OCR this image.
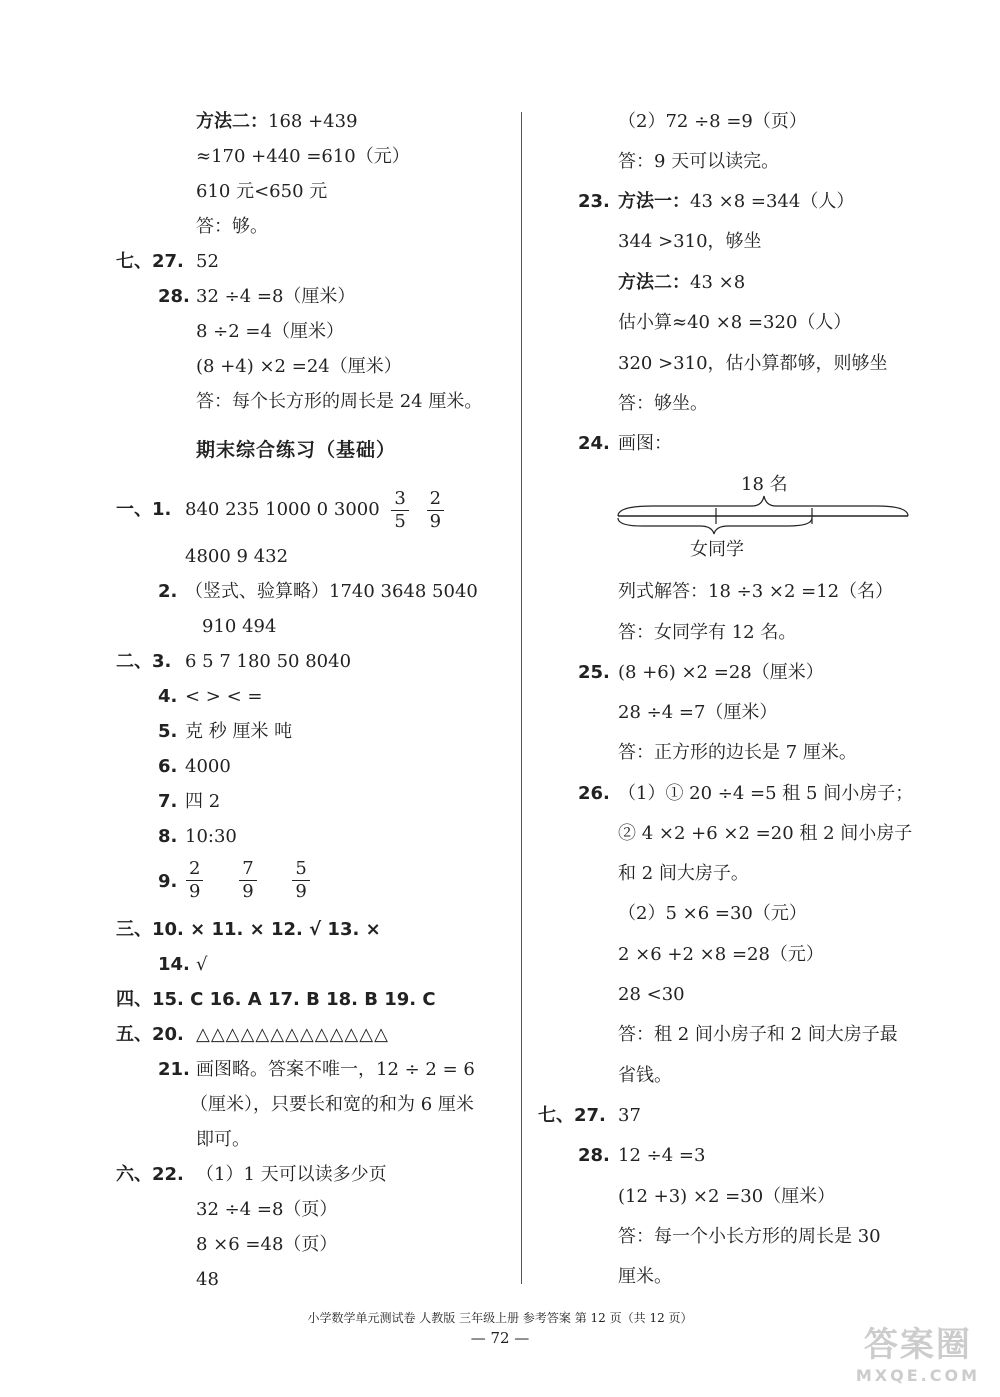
方法二：168 +439
≈170 +440 =610（元）
610 元<650 元
答：够。
七、27. 52
28. 32 ÷4 =8（厘米）
8 ÷2 =4（厘米）
(8 +4) ×2 =24（厘米）
答：每个长方形的周长是 24 厘米。
期末综合练习（基础）
一、1. 840 235 1000 0 $3000 \frac{3}{5}$
$\frac{2}{9}$
4800 9 432
2. （竖式、验算略）1740 3648 5040
910 494
二、3. 6 5 7 180 50 8040
4. < > < =
5. 克 秒 厘米 吨
6. 4000
7. 四 2
8. 10:30
9. $\frac{2}{9}$
$\frac{7}{9}$
$\frac{5}{9}$
三、10. × 11. × 12. √ 13. ×
14. √
四、15. C 16. A 17. B 18. B 19. C
五、20. △△△△△△△△△△△△△
21. 画图略。答案不唯一，12 ÷ 2 = 6
（厘米），只要长和宽的和为 6 厘米
即可。
六、22. （1）1 天可以读多少页
32 ÷4 =8（页）
8 ×6 =48（页）
48
（2）72 ÷8 =9（页）
答：9 天可以读完。
23. 方法一：43 ×8 =344（人）
344 >310，够坐
方法二：43 ×8
估小算≈40 ×8 =320（人）
320 >310，估小算都够，则够坐
答：够坐。
24. 画图：
18 名
女同学
列式解答：18 ÷3 ×2 =12（名）
答：女同学有 12 名。
25. (8 +6) ×2 =28（厘米）
28 ÷4 =7（厘米）
答：正方形的边长是 7 厘米。
26. （1）① 20 ÷4 =5 租 5 间小房子；
② 4 ×2 +6 ×2 =20 租 2 间小房子
和 2 间大房子。
（2）5 ×6 =30（元）
2 ×6 +2 ×8 =28（元）
28 <30
答：租 2 间小房子和 2 间大房子最
省钱。
七、27. 37
28. 12 ÷4 =3
(12 +3) ×2 =30（厘米）
答：每一个小长方形的周长是 30
厘米。
小学数学单元测试卷 人教版 三年级上册 参考答案 第 12 页（共 12 页）
— 72 —	答案圈
MXQE.COM
